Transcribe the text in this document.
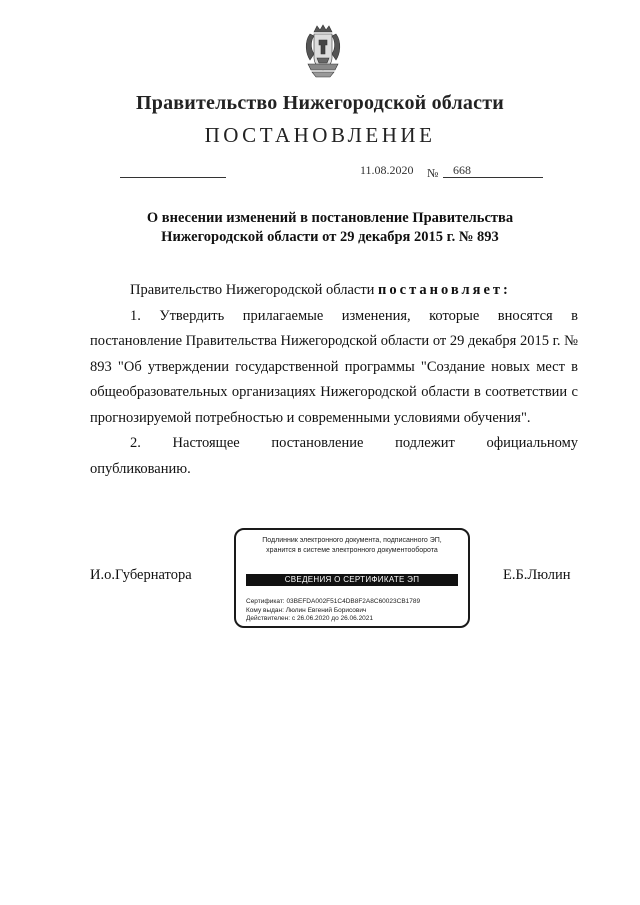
Правительство Нижегородской области
ПОСТАНОВЛЕНИЕ
11.08.2020 № 668
О внесении изменений в постановление Правительства
Нижегородской области от 29 декабря 2015 г. № 893
Правительство Нижегородской области постановляет:
1. Утвердить прилагаемые изменения, которые вносятся в
постановление Правительства Нижегородской области от 29 декабря 2015 г. № 893 "Об утверждении государственной программы "Создание новых мест в общеобразовательных организациях Нижегородской области в соответствии с прогнозируемой потребностью и современными условиями обучения".
2. Настоящее постановление подлежит официальному
опубликованию.
И.о.Губернатора	Е.Б.Люлин
Подлинник электронного документа, подписанного ЭП,
хранится в системе электронного документооборота
СВЕДЕНИЯ О СЕРТИФИКАТЕ ЭП
Сертификат: 03BEFDA002F51C4DB8F2A8C60023CB1789
Кому выдан: Люлин Евгений Борисович
Действителен: с 26.06.2020 до 26.06.2021
